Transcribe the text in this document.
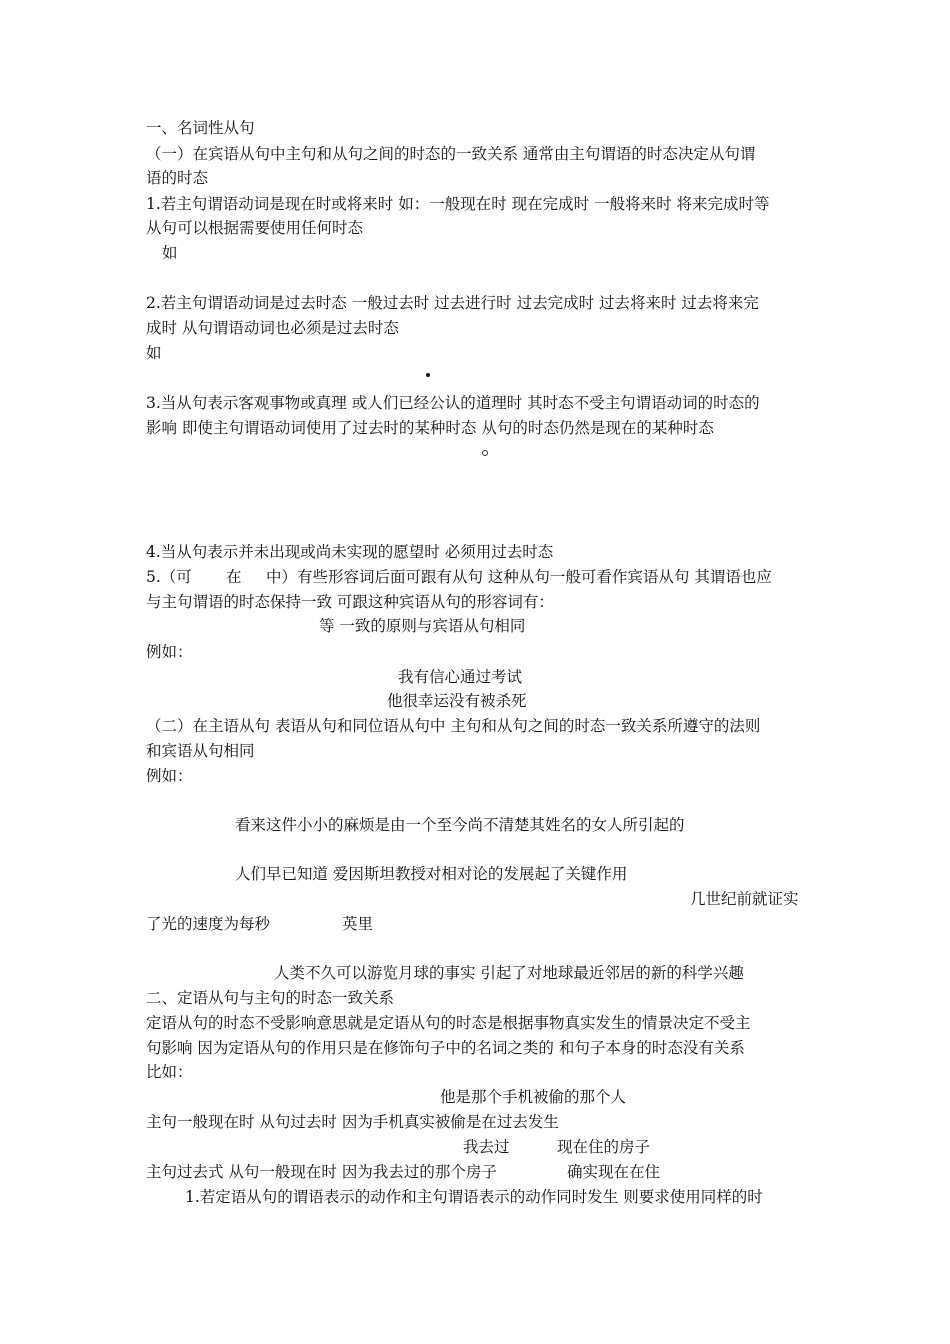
一、名词性从句
（一）在宾语从句中主句和从句之间的时态的一致关系 通常由主句谓语的时态决定从句谓
语的时态
1.若主句谓语动词是现在时或将来时 如：一般现在时 现在完成时 一般将来时 将来完成时等
从句可以根据需要使用任何时态
如
2.若主句谓语动词是过去时态 一般过去时 过去进行时 过去完成时 过去将来时 过去将来完
成时 从句谓语动词也必须是过去时态
如
3.当从句表示客观事物或真理 或人们已经公认的道理时 其时态不受主句谓语动词的时态的
影响 即使主句谓语动词使用了过去时的某种时态 从句的时态仍然是现在的某种时态
4.当从句表示并未出现或尚未实现的愿望时 必须用过去时态
5.（可 在 中）有些形容词后面可跟有从句 这种从句一般可看作宾语从句 其谓语也应
与主句谓语的时态保持一致 可跟这种宾语从句的形容词有：
等 一致的原则与宾语从句相同
例如：
我有信心通过考试
他很幸运没有被杀死
（二）在主语从句 表语从句和同位语从句中 主句和从句之间的时态一致关系所遵守的法则
和宾语从句相同
例如：
看来这件小小的麻烦是由一个至今尚不清楚其姓名的女人所引起的
人们早已知道 爱因斯坦教授对相对论的发展起了关键作用
几世纪前就证实
了光的速度为每秒	英里
人类不久可以游览月球的事实 引起了对地球最近邻居的新的科学兴趣
二、定语从句与主句的时态一致关系
定语从句的时态不受影响意思就是定语从句的时态是根据事物真实发生的情景决定不受主
句影响 因为定语从句的作用只是在修饰句子中的名词之类的 和句子本身的时态没有关系
比如：
他是那个手机被偷的那个人
主句一般现在时 从句过去时 因为手机真实被偷是在过去发生
我去过	现在住的房子
主句过去式 从句一般现在时 因为我去过的那个房子	确实现在在住
1.若定语从句的谓语表示的动作和主句谓语表示的动作同时发生 则要求使用同样的时
